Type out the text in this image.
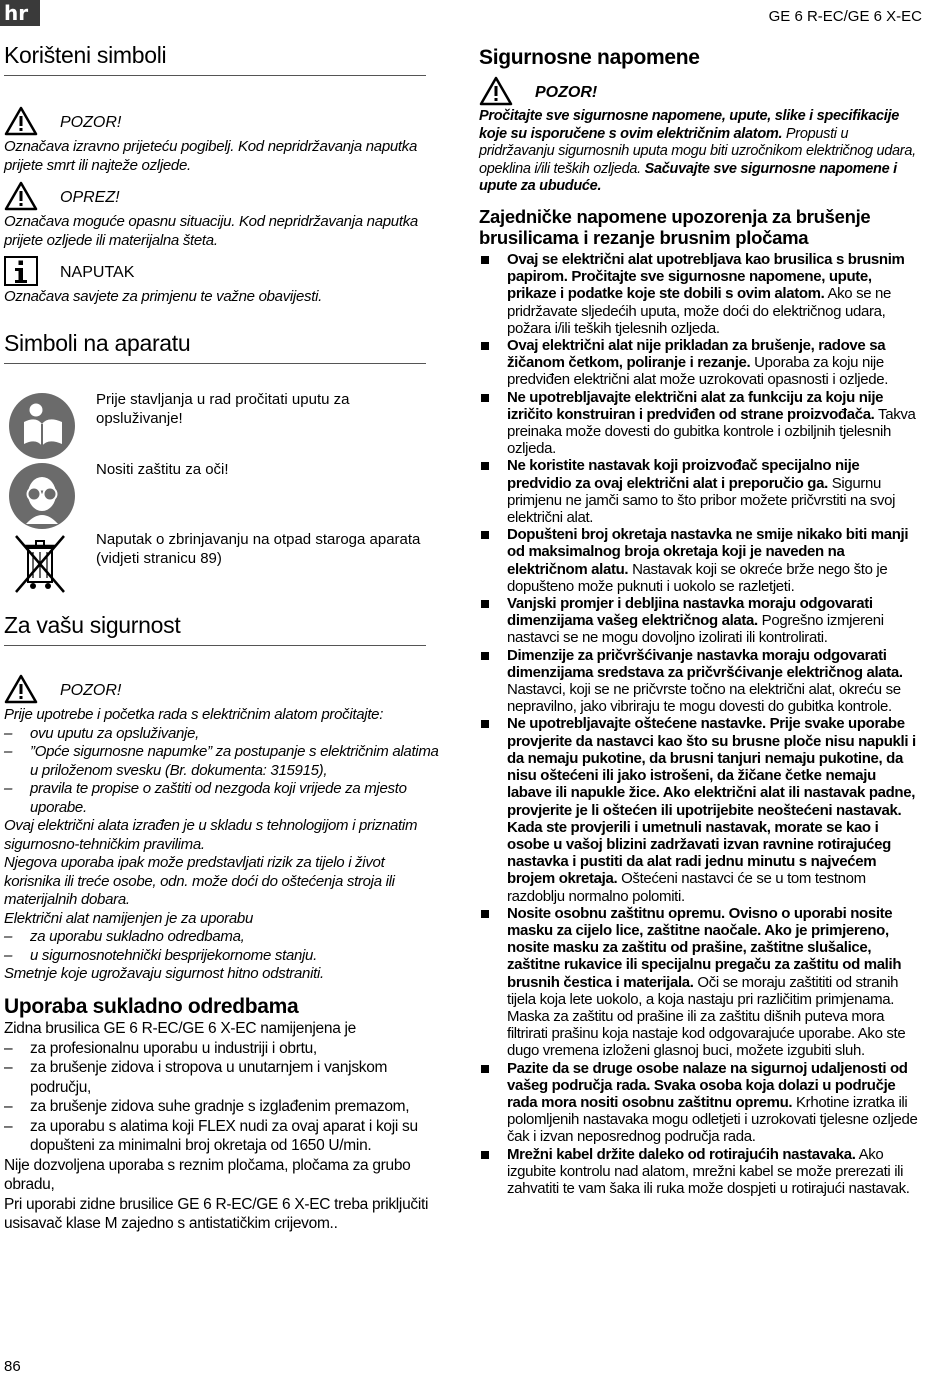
hr	GE 6 R-EC/GE 6 X-EC
Korišteni simboli
POZOR!

Označava izravno prijeteću pogibelj. Kod nepridržavanja naputka prijete smrt ili najteže ozljede.

OPREZ!

Označava moguće opasnu situaciju. Kod nepridržavanja naputka prijete ozljede ili materijalna šteta.

NAPUTAK

Označava savjete za primjenu te važne obavijesti.

Simboli na aparatu
Prije stavljanja u rad pročitati uputu za opsluživanje!
Nositi zaštitu za oči!
Naputak o zbrinjavanju na otpad staroga aparata (vidjeti stranicu 89)
Za vašu sigurnost
POZOR!

Prije upotrebe i početka rada s električnim alatom pročitajte:

– ovu uputu za opsluživanje,

– ”Opće sigurnosne napuтke” za postupanje s električnim alatima u priloženom svesku (Br. dokumenta: 315915),

– pravila te propise o zaštiti od nezgoda koji vrijede za mjesto uporabe.

Ovaj električni alata izrađen je u skladu s tehnologijom i priznatim sigurnosno-tehničkim pravilima.

Njegova uporaba ipak može predstavljati rizik za tijelo i život korisnika ili treće osobe, odn. može doći do oštećenja stroja ili materijalnih dobara.

Električni alat namijenjen je za uporabu

– za uporabu sukladno odredbama,

– u sigurnosnotehnički besprijekornome stanju.

Smetnje koje ugrožavaju sigurnost hitno odstraniti.

Uporaba sukladno odredbama

Zidna brusilica GE 6 R-EC/GE 6 X-EC namijenjena je

– za profesionalnu uporabu u industriji i obrtu,

– za brušenje zidova i stropova u unutarnjem i vanjskom području,

– za brušenje zidova suhe gradnje s izglađenim premazom,

– za uporabu s alatima koji FLEX nudi za ovaj aparat i koji su dopušteni za minimalni broj okretaja od 1650 U/min.

Nije dozvoljena uporaba s reznim pločama, pločama za grubo obradu,

Pri uporabi zidne brusilice GE 6 R-EC/GE 6 X-EC treba priključiti usisavač klase M zajedno s antistatičkim crijevom..

Sigurnosne napomene
POZOR!

Pročitajte sve sigurnosne napomene, upute, slike i specifikacije koje su isporučene s ovim električnim alatom. Propusti u pridržavanju sigurnosnih uputa mogu biti uzročnikom električnog udara, opeklina i/ili teških ozljeda. Sačuvajte sve sigurnosne napomene i upute za ubuduće.

Zajedničke napomene upozorenja za brušenje brusilicama i rezanje brusnim pločama
Ovaj se električni alat upotrebljava kao brusilica s brusnim papirom. Pročitajte sve sigurnosne napomene, upute, prikaze i podatke koje ste dobili s ovim alatom. Ako se ne pridržavate sljedećih uputa, može doći do električnog udara, požara i/ili teških tjelesnih ozljeda.
Ovaj električni alat nije prikladan za brušenje, radove sa žičanom četkom, poliranje i rezanje. Uporaba za koju nije predviđen električni alat može uzrokovati opasnosti i ozljede.
Ne upotrebljavajte električni alat za funkciju za koju nije izričito konstruiran i predviđen od strane proizvođača. Takva preinaka može dovesti do gubitka kontrole i ozbiljnih tjelesnih ozljeda.
Ne koristite nastavak koji proizvođač specijalno nije predvidio za ovaj električni alat i preporučio ga. Sigurnu primjenu ne jamči samo to što pribor možete pričvrstiti na svoj električni alat.
Dopušteni broj okretaja nastavka ne smije nikako biti manji od maksimalnog broja okretaja koji je naveden na električnom alatu. Nastavak koji se okreće brže nego što je dopušteno može puknuti i uokolo se razletjeti.
Vanjski promjer i debljina nastavka moraju odgovarati dimenzijama vašeg električnog alata. Pogrešno izmjereni nastavci se ne mogu dovoljno izolirati ili kontrolirati.
Dimenzije za pričvršćivanje nastavka moraju odgovarati dimenzijama sredstava za pričvršćivanje električnog alata. Nastavci, koji se ne pričvrste točno na električni alat, okreću se nepravilno, jako vibriraju te mogu dovesti do gubitka kontrole.
Ne upotrebljavajte oštećene nastavke. Prije svake uporabe provjerite da nastavci kao što su brusne ploče nisu napukli i da nemaju pukotine, da brusni tanjuri nemaju pukotine, da nisu oštećeni ili jako istrošeni, da žičane četke nemaju labave ili napukle žice. Ako električni alat ili nastavak padne, provjerite je li oštećen ili upotrijebite neoštećeni nastavak. Kada ste provjerili i umetnuli nastavak, morate se kao i osobe u vašoj blizini zadržavati izvan ravnine rotirajućeg nastavka i pustiti da alat radi jednu minutu s najvećem brojem okretaja. Oštećeni nastavci će se u tom testnom razdoblju normalno polomiti.
Nosite osobnu zaštitnu opremu. Ovisno o uporabi nosite masku za cijelo lice, zaštitne naočale. Ako je primjereno, nosite masku za zaštitu od prašine, zaštitne slušalice, zaštitne rukavice ili specijalnu pregaču za zaštitu od malih brusnih čestica i materijala. Oči se moraju zaštititi od stranih tijela koja lete uokolo, a koja nastaju pri različitim primjenama. Maska za zaštitu od prašine ili za zaštitu dišnih puteva mora filtrirati prašinu koja nastaje kod odgovarajuće uporabe. Ako ste dugo vremena izloženi glasnoj buci, možete izgubiti sluh.
Pazite da se druge osobe nalaze na sigurnoj udaljenosti od vašeg područja rada. Svaka osoba koja dolazi u područje rada mora nositi osobnu zaštitnu opremu. Krhotine izratka ili polomljenih nastavaka mogu odletjeti i uzrokovati tjelesne ozljede čak i izvan neposrednog područja rada.
Mrežni kabel držite daleko od rotirajućih nastavaka. Ako izgubite kontrolu nad alatom, mrežni kabel se može prerezati ili zahvatiti te vam šaka ili ruka može dospjeti u rotirajući nastavak.
86
